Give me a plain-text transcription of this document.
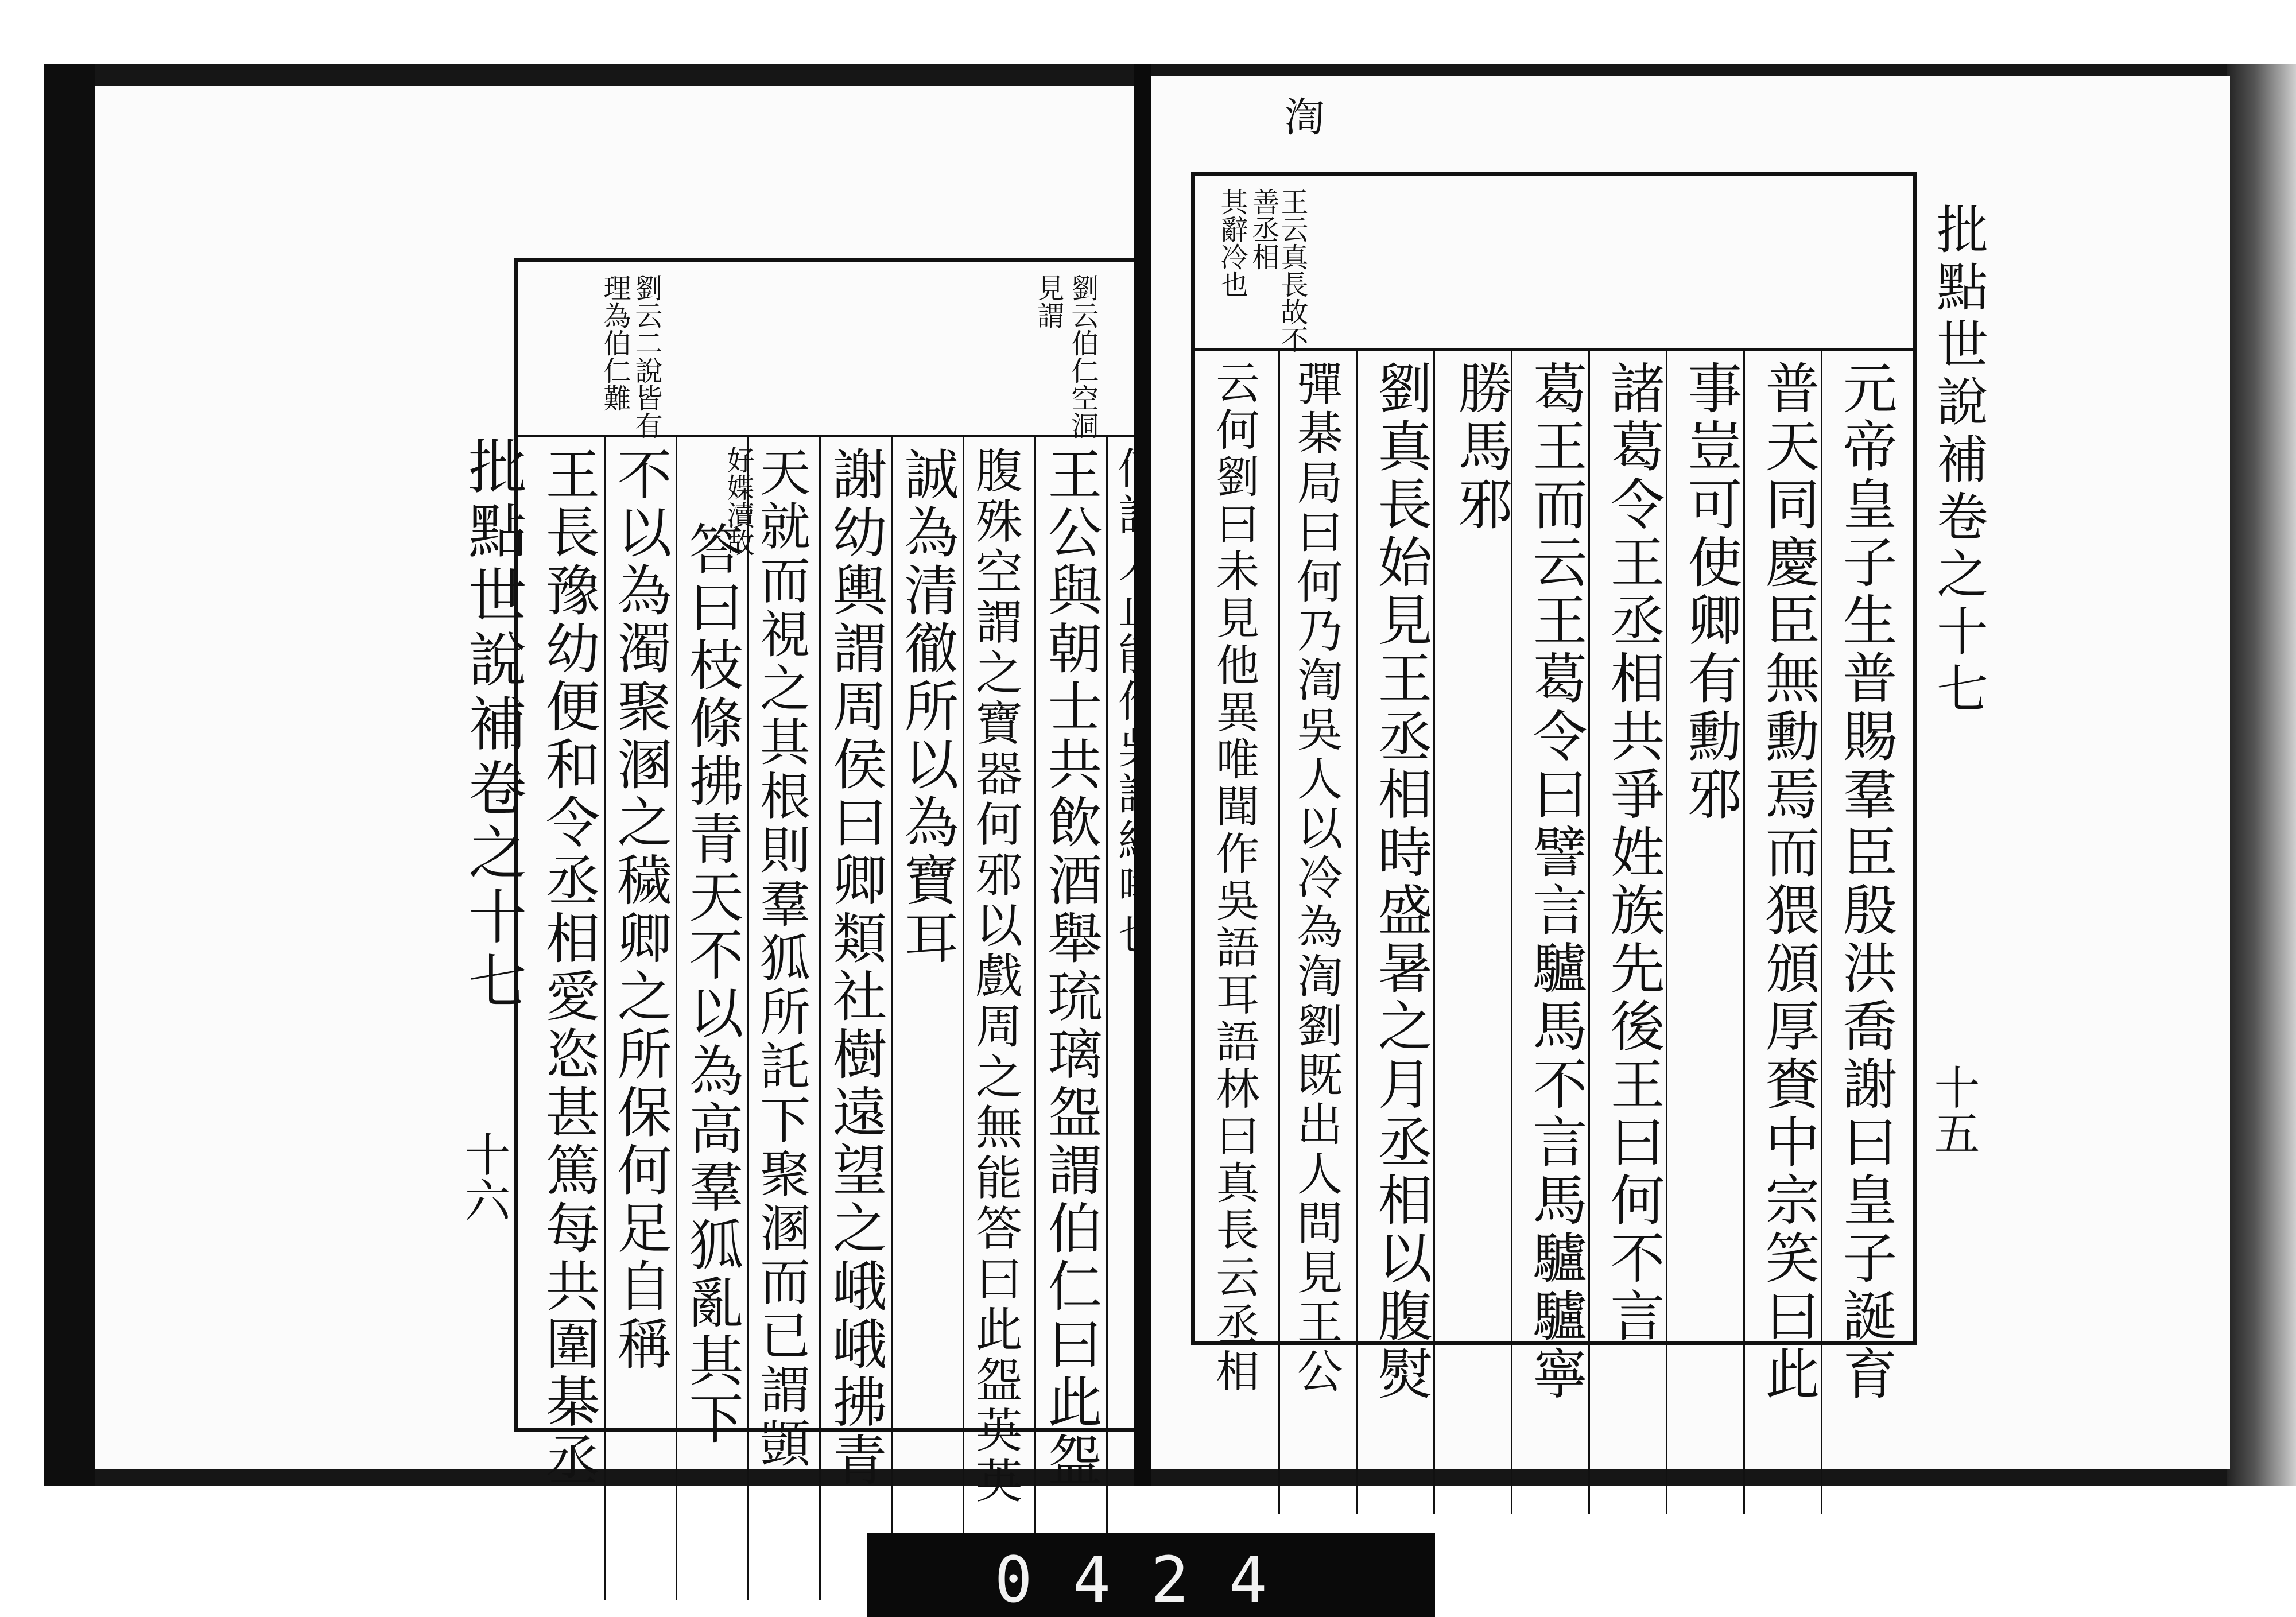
批點世說補卷之十七
十六
劉云伯仁空洞
見謂
劉云二說皆有
理為伯仁難
王公與朝士共飲酒舉琉璃盌謂伯仁曰此盌
腹殊空謂之寶器何邪以戲周之無能答曰此盌英英
誠為清徹所以為寶耳
謝幼輿謂周侯曰卿類社樹遠望之峨峨拂青
天就而視之其根則羣狐所託下聚溷而已謂顗
好媟瀆故
答曰枝條拂青天不以為高羣狐亂其下
不以為濁聚溷之穢卿之所保何足自稱
王長豫幼便和令丞相愛恣甚篤每共圍棊丞	十五
批點世說補卷之十七
王云真長故不
善丞相
其辭冷也
渹
元帝皇子生普賜羣臣殷洪喬謝曰皇子誕育
普天同慶臣無勳焉而猥頒厚賚中宗笑曰此
事豈可使卿有勳邪
諸葛令王丞相共爭姓族先後王曰何不言
葛王而云王葛令曰譬言驢馬不言馬驢驢寧
勝馬邪
劉真長始見王丞相時盛暑之月丞相以腹熨
彈棊局曰何乃渹吳人以冷為渹劉既出人問見王公
云何劉曰未見他異唯聞作吳語耳語林曰真長云丞相
0424
